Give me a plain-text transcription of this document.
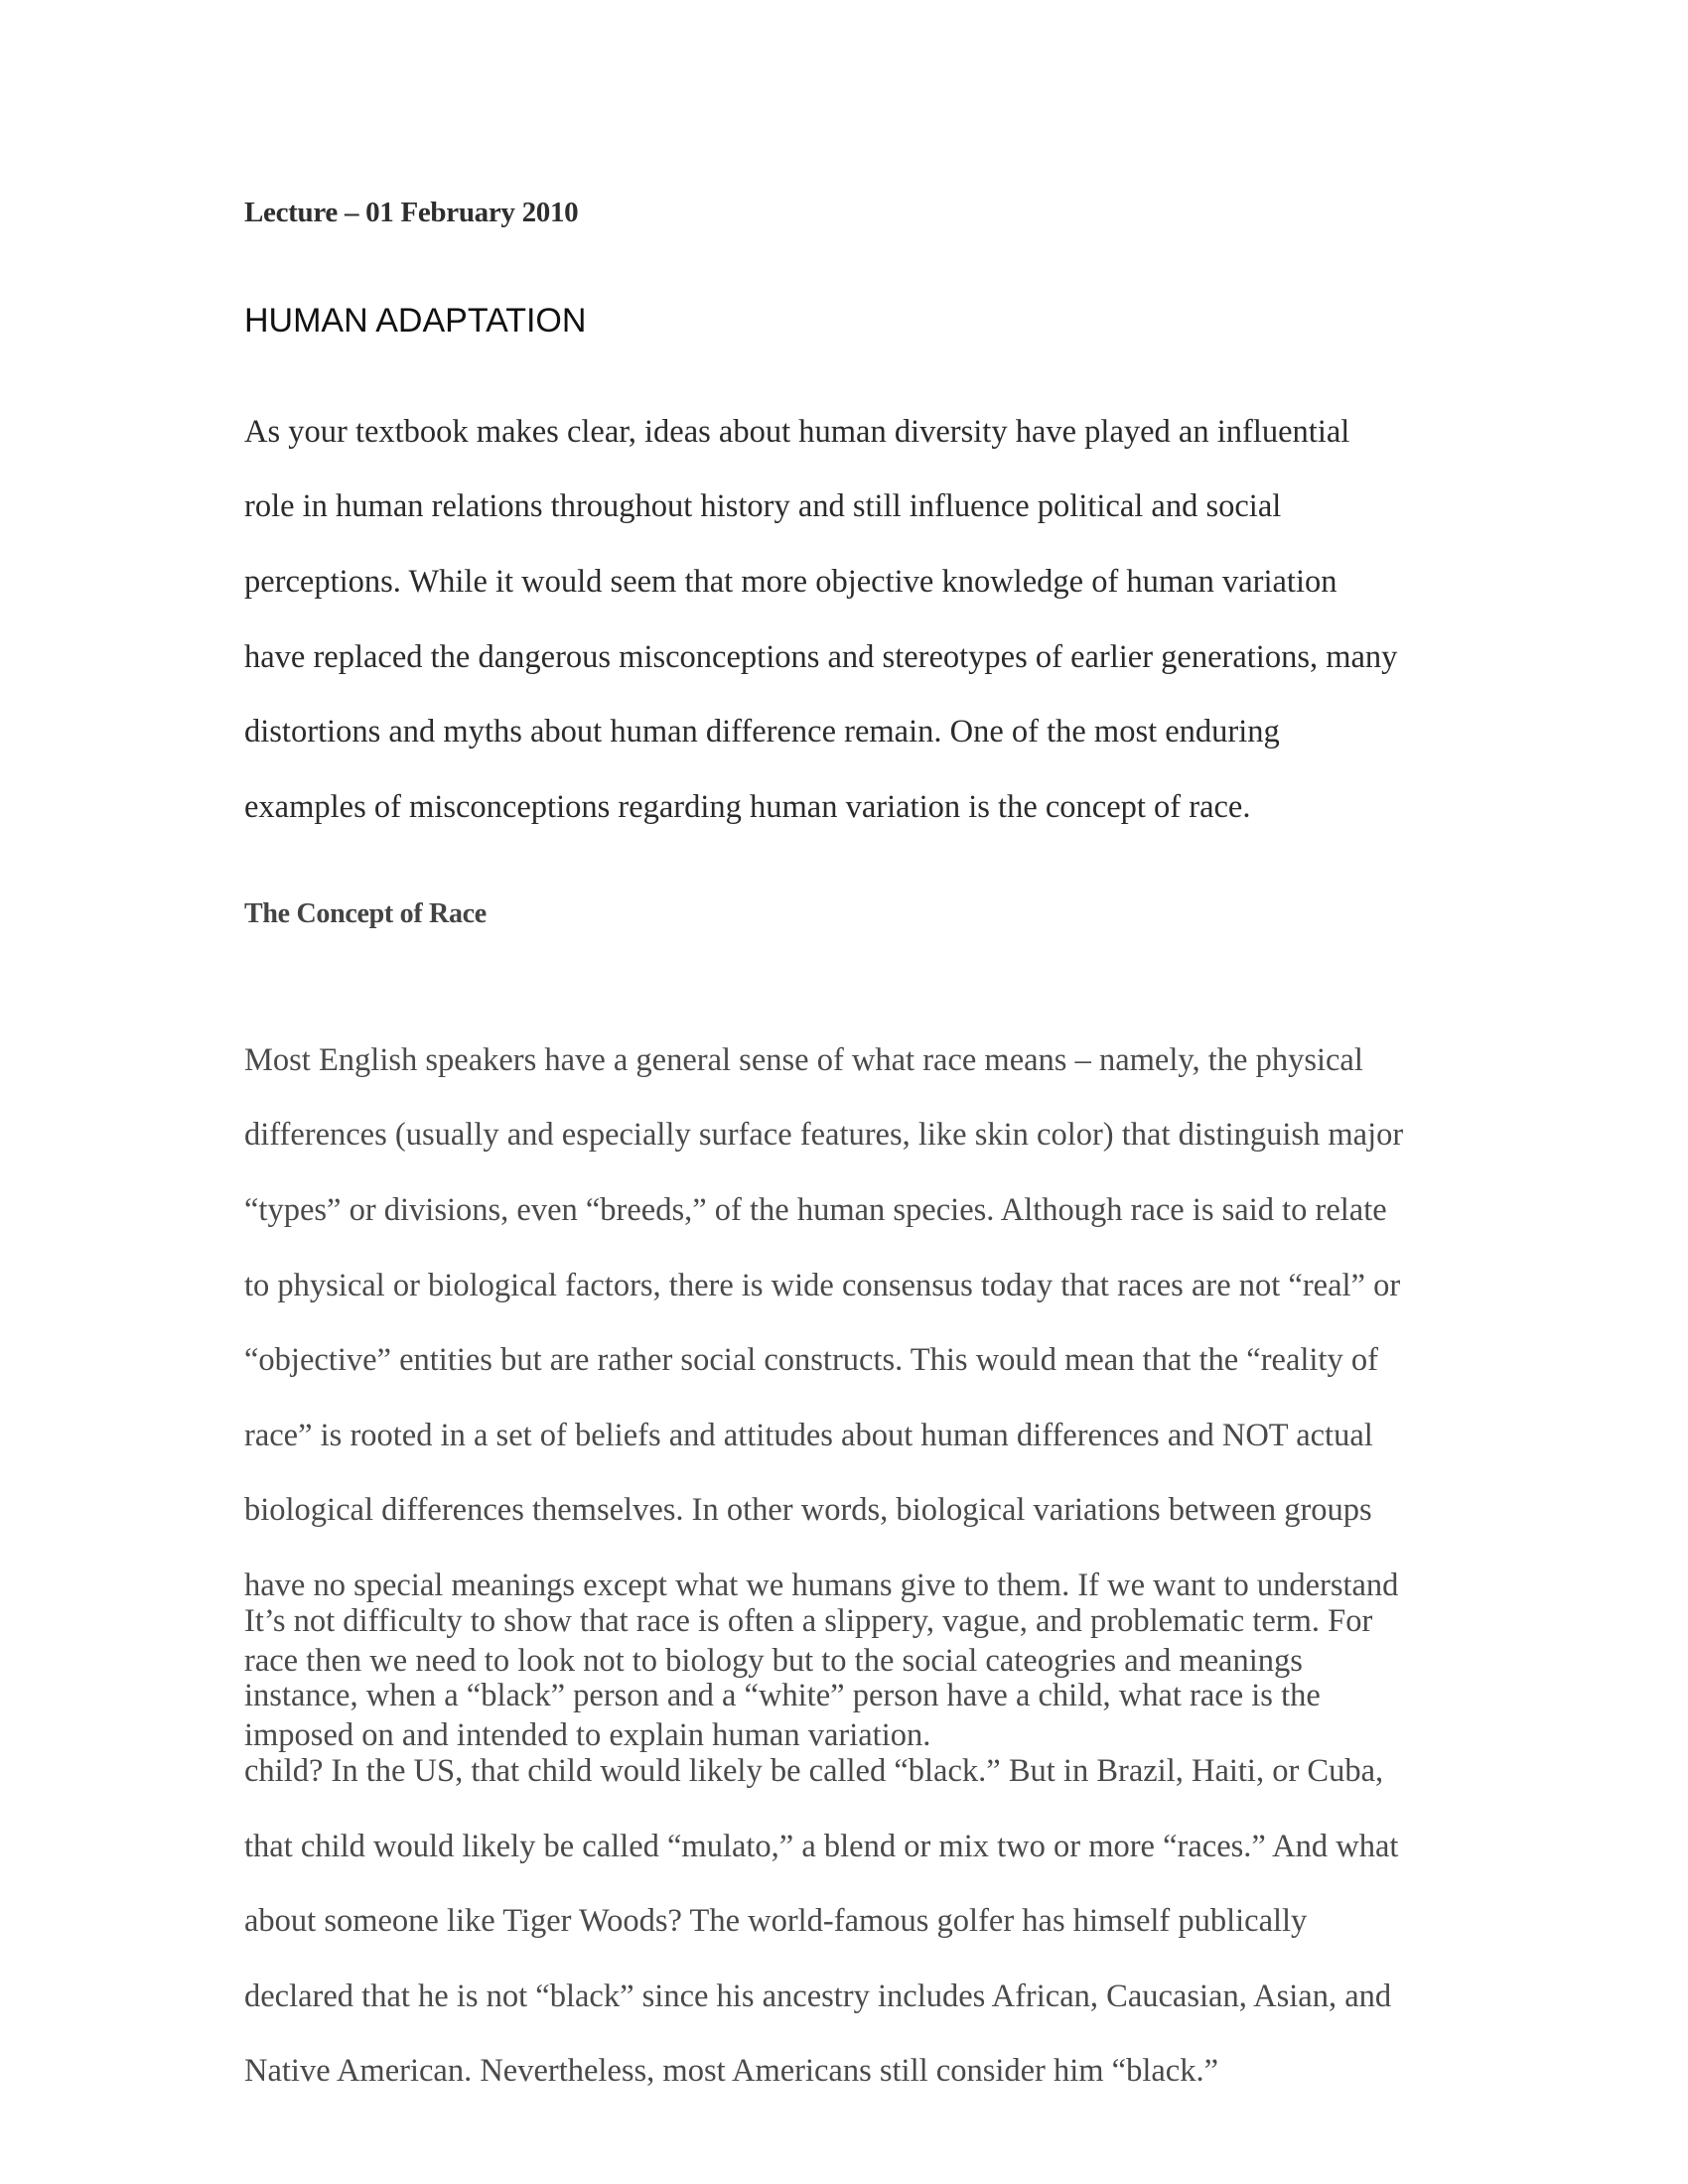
Lecture – 01 February 2010
HUMAN ADAPTATION

As your textbook makes clear, ideas about human diversity have played an influential

role in human relations throughout history and still influence political and social

perceptions. While it would seem that more objective knowledge of human variation

have replaced the dangerous misconceptions and stereotypes of earlier generations, many

distortions and myths about human difference remain. One of the most enduring

examples of misconceptions regarding human variation is the concept of race.

The Concept of Race

Most English speakers have a general sense of what race means – namely, the physical

differences (usually and especially surface features, like skin color) that distinguish major

“types” or divisions, even “breeds,” of the human species. Although race is said to relate

to physical or biological factors, there is wide consensus today that races are not “real” or

“objective” entities but are rather social constructs. This would mean that the “reality of

race” is rooted in a set of beliefs and attitudes about human differences and NOT actual

biological differences themselves. In other words, biological variations between groups

have no special meanings except what we humans give to them. If we want to understand

race then we need to look not to biology but to the social cateogries and meanings

imposed on and intended to explain human variation.

It’s not difficulty to show that race is often a slippery, vague, and problematic term. For

instance, when a “black” person and a “white” person have a child, what race is the

child? In the US, that child would likely be called “black.” But in Brazil, Haiti, or Cuba,

that child would likely be called “mulato,” a blend or mix two or more “races.” And what

about someone like Tiger Woods? The world-famous golfer has himself publically

declared that he is not “black” since his ancestry includes African, Caucasian, Asian, and

Native American. Nevertheless, most Americans still consider him “black.”
